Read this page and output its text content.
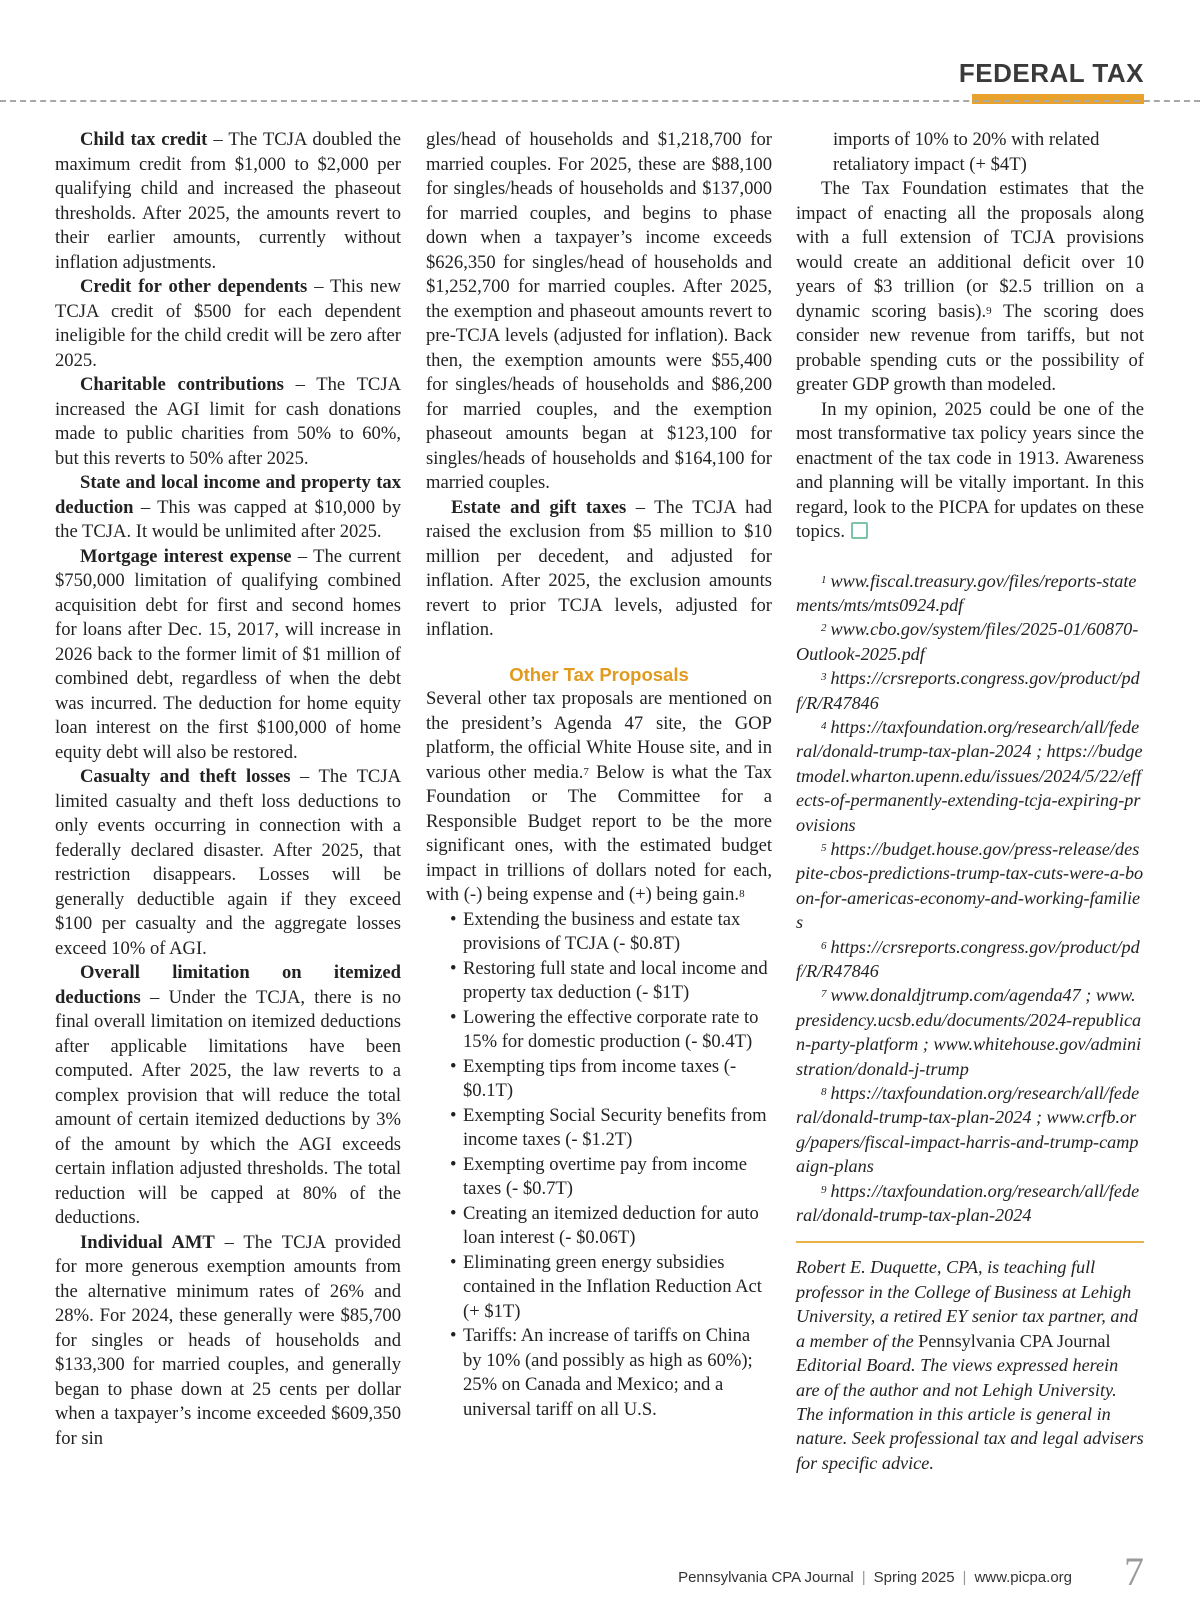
FEDERAL TAX

Child tax credit – The TCJA doubled the maximum credit from $1,000 to $2,000 per qualifying child and increased the phaseout thresholds. After 2025, the amounts revert to their earlier amounts, currently without inflation adjustments.

Credit for other dependents – This new TCJA credit of $500 for each dependent ineligible for the child credit will be zero after 2025.

Charitable contributions – The TCJA increased the AGI limit for cash donations made to public charities from 50% to 60%, but this reverts to 50% after 2025.

State and local income and property tax deduction – This was capped at $10,000 by the TCJA. It would be unlimited after 2025.

Mortgage interest expense – The current $750,000 limitation of qualifying combined acquisition debt for first and second homes for loans after Dec. 15, 2017, will increase in 2026 back to the former limit of $1 million of combined debt, regardless of when the debt was incurred. The deduction for home equity loan interest on the first $100,000 of home equity debt will also be restored.

Casualty and theft losses – The TCJA limited casualty and theft loss deductions to only events occurring in connection with a federally declared disaster. After 2025, that restriction disappears. Losses will be generally deductible again if they exceed $100 per casualty and the aggregate losses exceed 10% of AGI.

Overall limitation on itemized deductions – Under the TCJA, there is no final overall limitation on itemized deductions after applicable limitations have been computed. After 2025, the law reverts to a complex provision that will reduce the total amount of certain itemized deductions by 3% of the amount by which the AGI exceeds certain inflation adjusted thresholds. The total reduction will be capped at 80% of the deductions.

Individual AMT – The TCJA provided for more generous exemption amounts from the alternative minimum rates of 26% and 28%. For 2024, these generally were $85,700 for singles or heads of households and $133,300 for married couples, and generally began to phase down at 25 cents per dollar when a taxpayer’s income exceeded $609,350 for sin

gles/head of households and $1,218,700 for married couples. For 2025, these are $88,100 for singles/heads of households and $137,000 for married couples, and begins to phase down when a taxpayer’s income exceeds $626,350 for singles/head of households and $1,252,700 for married couples. After 2025, the exemption and phaseout amounts revert to pre-TCJA levels (adjusted for inflation). Back then, the exemption amounts were $55,400 for singles/heads of households and $86,200 for married couples, and the exemption phaseout amounts began at $123,100 for singles/heads of households and $164,100 for married couples.

Estate and gift taxes – The TCJA had raised the exclusion from $5 million to $10 million per decedent, and adjusted for inflation. After 2025, the exclusion amounts revert to prior TCJA levels, adjusted for inflation.

Other Tax Proposals

Several other tax proposals are mentioned on the president’s Agenda 47 site, the GOP platform, the official White House site, and in various other media.$^7$ Below is what the Tax Foundation or The Committee for a Responsible Budget report to be the more significant ones, with the estimated budget impact in trillions of dollars noted for each, with (-) being expense and (+) being gain.$^8$

• Extending the business and estate tax provisions of TCJA (- $0.8T)
• Restoring full state and local income and property tax deduction (- $1T)
• Lowering the effective corporate rate to 15% for domestic production (- $0.4T)
• Exempting tips from income taxes (- $0.1T)
• Exempting Social Security benefits from income taxes (- $1.2T)
• Exempting overtime pay from income taxes (- $0.7T)
• Creating an itemized deduction for auto loan interest (- $0.06T)
• Eliminating green energy subsidies contained in the Inflation Reduction Act (+ $1T)
• Tariffs: An increase of tariffs on China by 10% (and possibly as high as 60%); 25% on Canada and Mexico; and a universal tariff on all U.S.
imports of 10% to 20% with related retaliatory impact (+ $4T)

The Tax Foundation estimates that the impact of enacting all the proposals along with a full extension of TCJA provisions would create an additional deficit over 10 years of $3 trillion (or $2.5 trillion on a dynamic scoring basis).$^9$ The scoring does consider new revenue from tariffs, but not probable spending cuts or the possibility of greater GDP growth than modeled.

In my opinion, 2025 could be one of the most transformative tax policy years since the enactment of the tax code in 1913. Awareness and planning will be vitally important. In this regard, look to the PICPA for updates on these topics.

$^1$ www.fiscal.treasury.gov/files/reports-statements/mts/mts0924.pdf
$^2$ www.cbo.gov/system/files/2025-01/60870-Outlook-2025.pdf
$^3$ https://crsreports.congress.gov/product/pdf/R/R47846
$^4$ https://taxfoundation.org/research/all/federal/donald-trump-tax-plan-2024 ; https://budgetmodel.wharton.upenn.edu/issues/2024/5/22/effects-of-permanently-extending-tcja-expiring-provisions
$^5$ https://budget.house.gov/press-release/despite-cbos-predictions-trump-tax-cuts-were-a-boon-for-americas-economy-and-working-families
$^6$ https://crsreports.congress.gov/product/pdf/R/R47846
$^7$ www.donaldjtrump.com/agenda47 ; www.presidency.ucsb.edu/documents/2024-republican-party-platform ; www.whitehouse.gov/administration/donald-j-trump
$^8$ https://taxfoundation.org/research/all/federal/donald-trump-tax-plan-2024 ; www.crfb.org/papers/fiscal-impact-harris-and-trump-campaign-plans
$^9$ https://taxfoundation.org/research/all/federal/donald-trump-tax-plan-2024
Robert E. Duquette, CPA, is teaching full professor in the College of Business at Lehigh University, a retired EY senior tax partner, and a member of the Pennsylvania CPA Journal Editorial Board. The views expressed herein are of the author and not Lehigh University. The information in this article is general in nature. Seek professional tax and legal advisers for specific advice.
Pennsylvania CPA Journal | Spring 2025 | www.picpa.org 7
